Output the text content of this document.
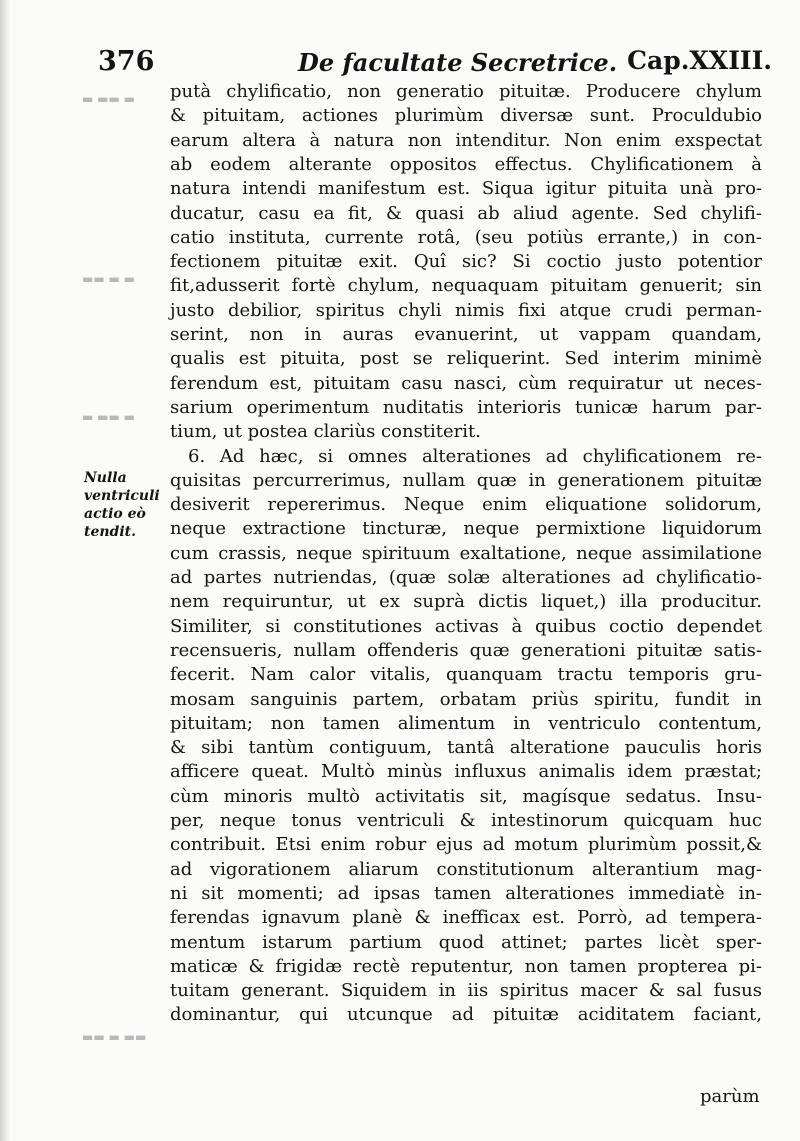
376	De facultate Secretrice. Cap.XXIII.
▬ ▬▬ ▬
▬▬ ▬ ▬
▬ ▬▬ ▬
▬▬ ▬ ▬▬
Nulla ventriculi actio eò tendit.
putà chylificatio, non generatio pituitæ. Producere chylum
& pituitam, actiones plurimùm diversæ sunt. Proculdubio
earum altera à natura non intenditur. Non enim exspectat
ab eodem alterante oppositos effectus. Chylificationem à
natura intendi manifestum est. Siqua igitur pituita unà pro-
ducatur, casu ea fit, & quasi ab aliud agente. Sed chylifi-
catio instituta, currente rotâ, (seu potiùs errante,) in con-
fectionem pituitæ exit. Quî sic? Si coctio justo potentior
fit,adusserit fortè chylum, nequaquam pituitam genuerit; sin
justo debilior, spiritus chyli nimis fixi atque crudi perman-
serint, non in auras evanuerint, ut vappam quandam,
qualis est pituita, post se reliquerint. Sed interim minimè
ferendum est, pituitam casu nasci, cùm requiratur ut neces-
sarium operimentum nuditatis interioris tunicæ harum par-
tium, ut postea clariùs constiterit.
6. Ad hæc, si omnes alterationes ad chylificationem re-
quisitas percurrerimus, nullam quæ in generationem pituitæ
desiverit repererimus. Neque enim eliquatione solidorum,
neque extractione tincturæ, neque permixtione liquidorum
cum crassis, neque spirituum exaltatione, neque assimilatione
ad partes nutriendas, (quæ solæ alterationes ad chylificatio-
nem requiruntur, ut ex suprà dictis liquet,) illa producitur.
Similiter, si constitutiones activas à quibus coctio dependet
recensueris, nullam offenderis quæ generationi pituitæ satis-
fecerit. Nam calor vitalis, quanquam tractu temporis gru-
mosam sanguinis partem, orbatam priùs spiritu, fundit in
pituitam; non tamen alimentum in ventriculo contentum,
& sibi tantùm contiguum, tantâ alteratione pauculis horis
afficere queat. Multò minùs influxus animalis idem præstat;
cùm minoris multò activitatis sit, magísque sedatus. Insu-
per, neque tonus ventriculi & intestinorum quicquam huc
contribuit. Etsi enim robur ejus ad motum plurimùm possit,&
ad vigorationem aliarum constitutionum alterantium mag-
ni sit momenti; ad ipsas tamen alterationes immediatè in-
ferendas ignavum planè & inefficax est. Porrò, ad tempera-
mentum istarum partium quod attinet; partes licèt sper-
maticæ & frigidæ rectè reputentur, non tamen propterea pi-
tuitam generant. Siquidem in iis spiritus macer & sal fusus
dominantur, qui utcunque ad pituitæ aciditatem faciant,
parùm
